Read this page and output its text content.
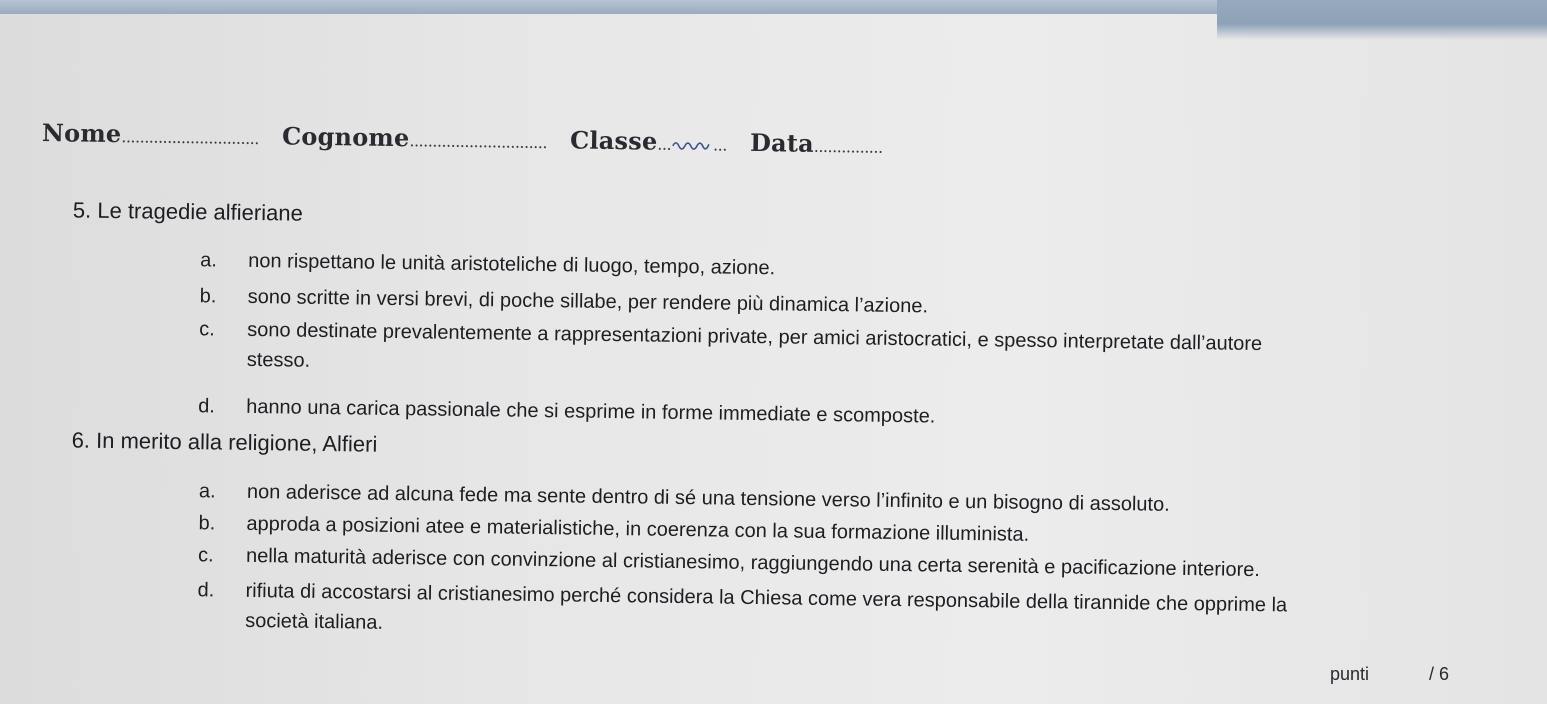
Nome.............................. Cognome.............................. Classe...	... Data...............
5. Le tragedie alfieriane
a. non rispettano le unità aristoteliche di luogo, tempo, azione.
b. sono scritte in versi brevi, di poche sillabe, per rendere più dinamica l’azione.
c. sono destinate prevalentemente a rappresentazioni private, per amici aristocratici, e spesso interpretate dall’autore
stesso.
d. hanno una carica passionale che si esprime in forme immediate e scomposte.
6. In merito alla religione, Alfieri
a. non aderisce ad alcuna fede ma sente dentro di sé una tensione verso l’infinito e un bisogno di assoluto.
b. approda a posizioni atee e materialistiche, in coerenza con la sua formazione illuminista.
c. nella maturità aderisce con convinzione al cristianesimo, raggiungendo una certa serenità e pacificazione interiore.
d. rifiuta di accostarsi al cristianesimo perché considera la Chiesa come vera responsabile della tirannide che opprime la
società italiana.
punti	/ 6
